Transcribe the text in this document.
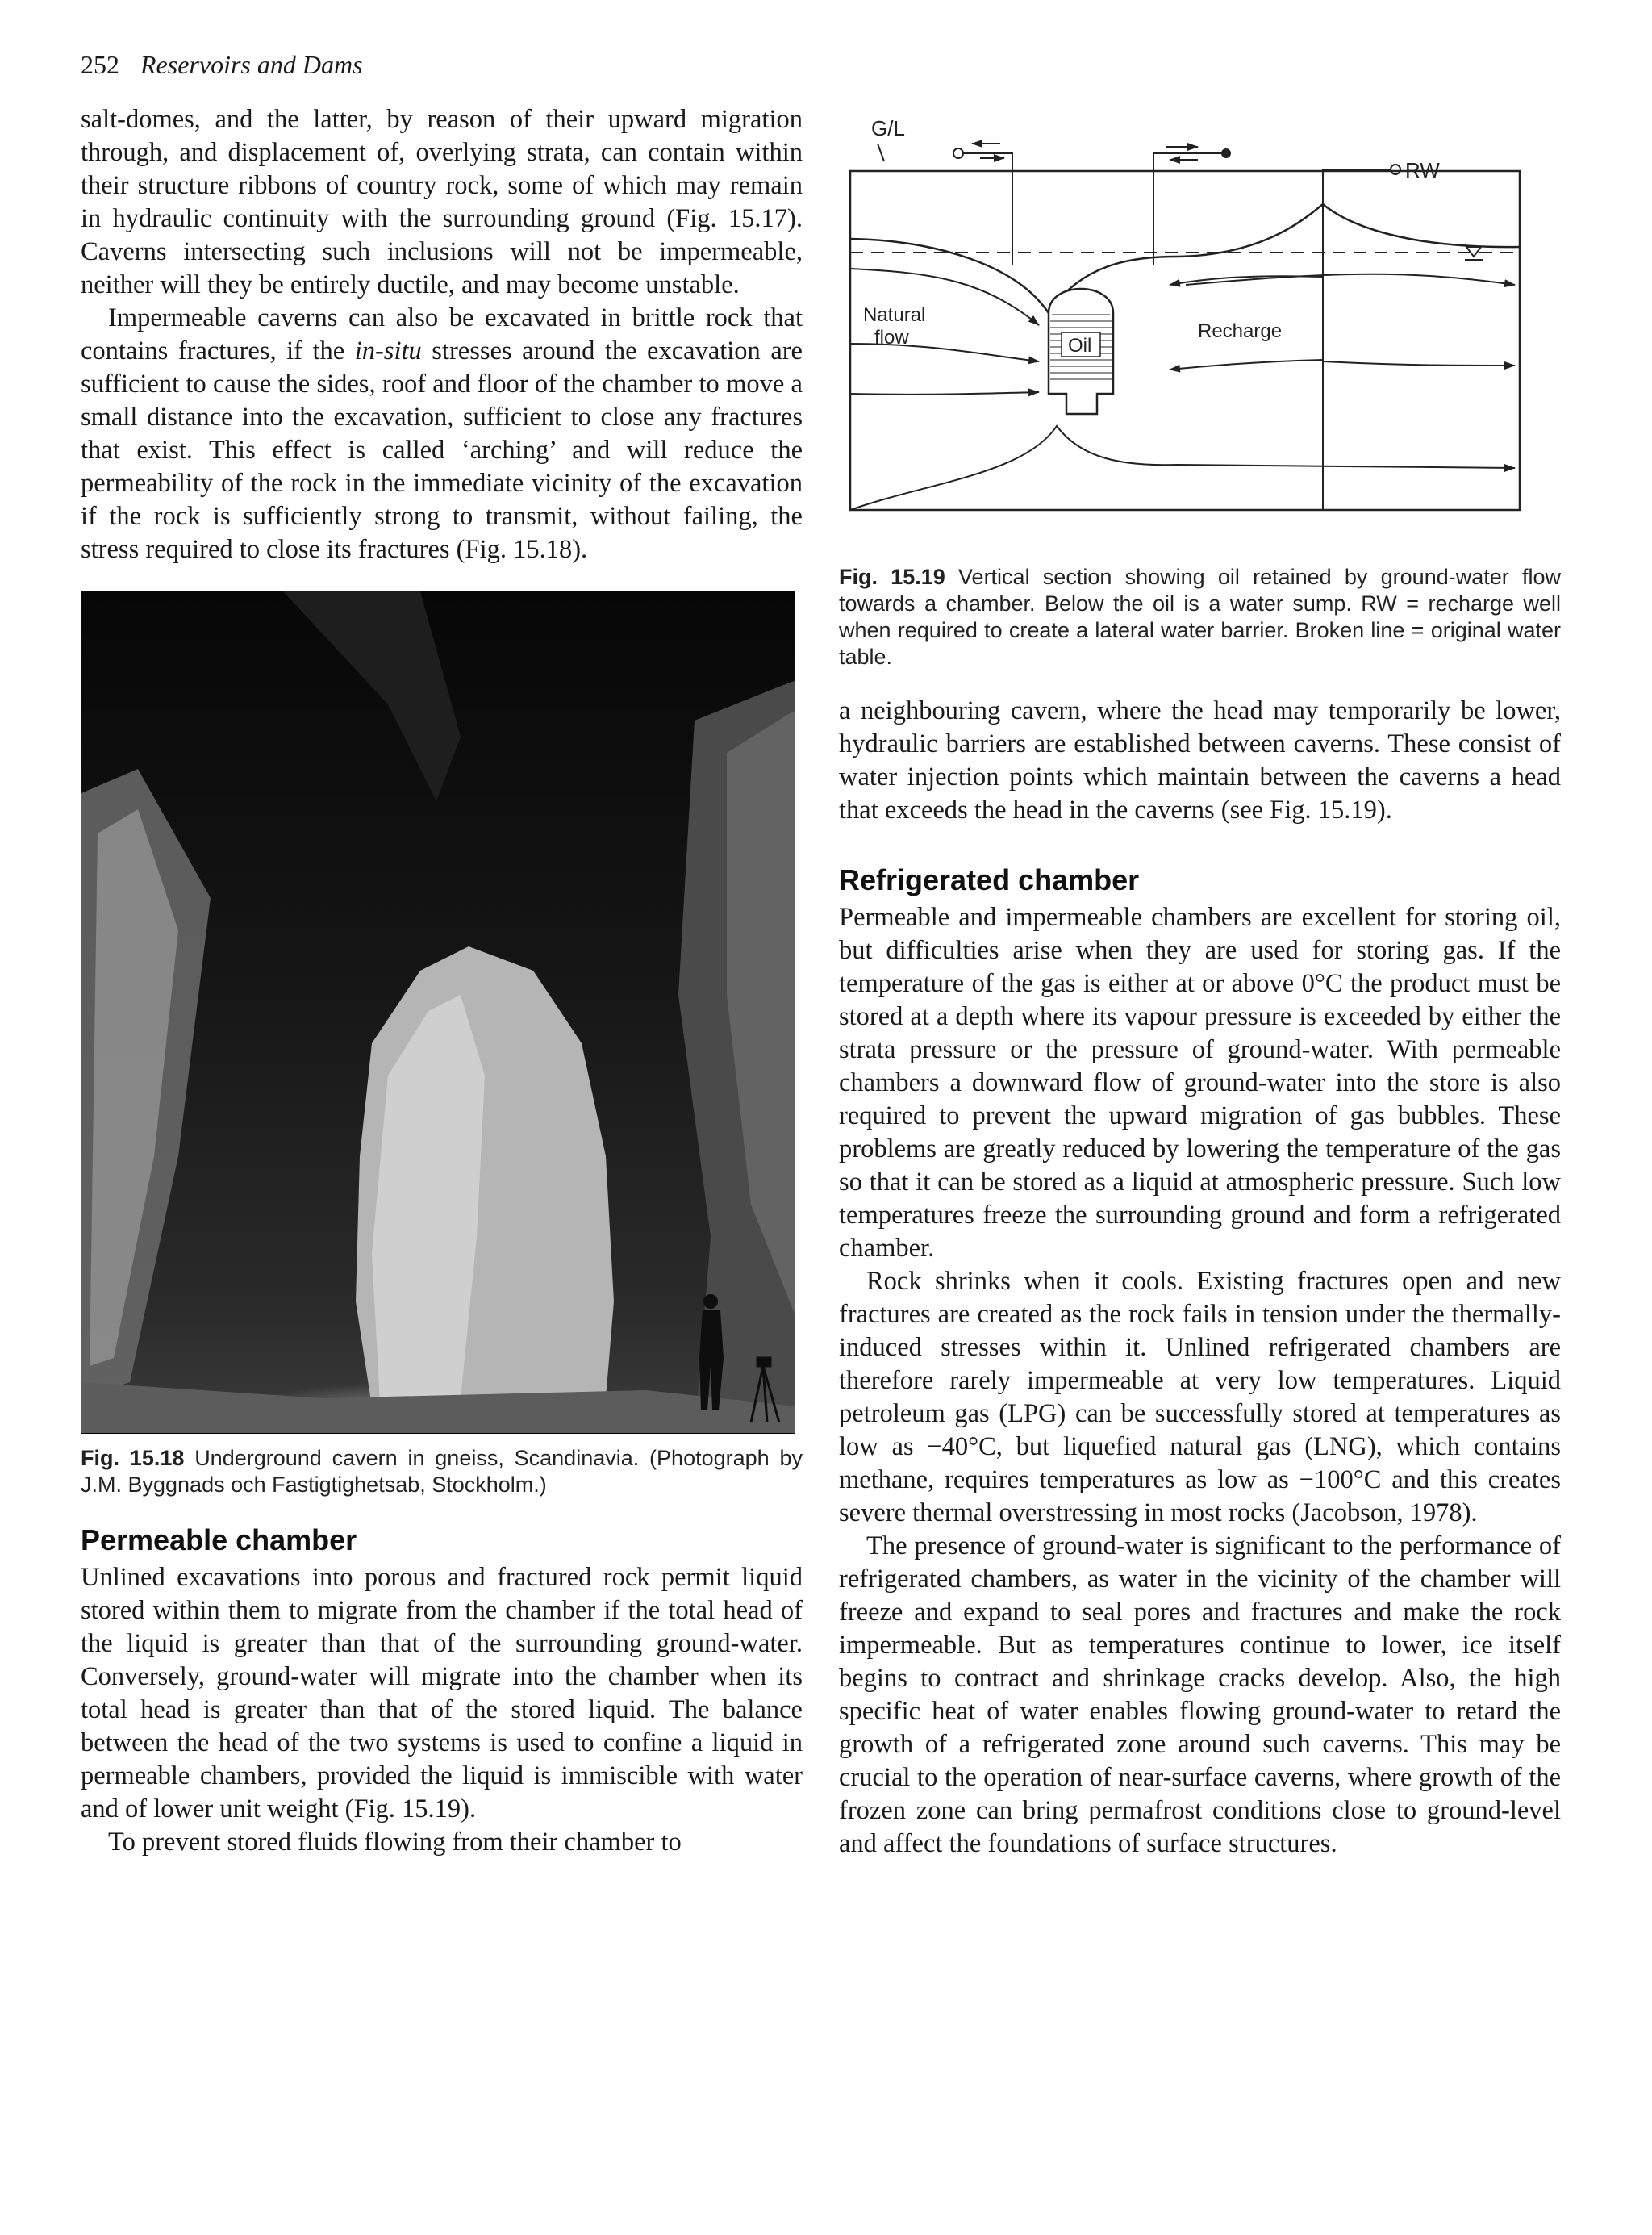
252 Reservoirs and Dams

salt-domes, and the latter, by reason of their upward migration through, and displacement of, overlying strata, can contain within their structure ribbons of country rock, some of which may remain in hydraulic continuity with the surrounding ground (Fig. 15.17). Caverns intersecting such inclusions will not be impermeable, neither will they be entirely ductile, and may become unstable.

Impermeable caverns can also be excavated in brittle rock that contains fractures, if the in-situ stresses around the excavation are sufficient to cause the sides, roof and floor of the chamber to move a small distance into the excavation, sufficient to close any fractures that exist. This effect is called ‘arching’ and will reduce the permeability of the rock in the immediate vicinity of the excavation if the rock is sufficiently strong to transmit, without failing, the stress required to close its fractures (Fig. 15.18).

Fig. 15.18 Underground cavern in gneiss, Scandinavia. (Photograph by J.M. Byggnads och Fastigtighetsab, Stockholm.)

Permeable chamber

Unlined excavations into porous and fractured rock permit liquid stored within them to migrate from the chamber if the total head of the liquid is greater than that of the surrounding ground-water. Conversely, ground-water will migrate into the chamber when its total head is greater than that of the stored liquid. The balance between the head of the two systems is used to confine a liquid in permeable chambers, provided the liquid is immiscible with water and of lower unit weight (Fig. 15.19).

To prevent stored fluids flowing from their chamber to

G/L
RW
Natural
flow	Oil
Recharge

Fig. 15.19 Vertical section showing oil retained by ground-water flow towards a chamber. Below the oil is a water sump. RW = recharge well when required to create a lateral water barrier. Broken line = original water table.

a neighbouring cavern, where the head may temporarily be lower, hydraulic barriers are established between caverns. These consist of water injection points which maintain between the caverns a head that exceeds the head in the caverns (see Fig. 15.19).

Refrigerated chamber

Permeable and impermeable chambers are excellent for storing oil, but difficulties arise when they are used for storing gas. If the temperature of the gas is either at or above 0°C the product must be stored at a depth where its vapour pressure is exceeded by either the strata pressure or the pressure of ground-water. With permeable chambers a downward flow of ground-water into the store is also required to prevent the upward migration of gas bubbles. These problems are greatly reduced by lowering the temperature of the gas so that it can be stored as a liquid at atmospheric pressure. Such low temperatures freeze the surrounding ground and form a refrigerated chamber.

Rock shrinks when it cools. Existing fractures open and new fractures are created as the rock fails in tension under the thermally-induced stresses within it. Unlined refrigerated chambers are therefore rarely impermeable at very low temperatures. Liquid petroleum gas (LPG) can be successfully stored at temperatures as low as −40°C, but liquefied natural gas (LNG), which contains methane, requires temperatures as low as −100°C and this creates severe thermal overstressing in most rocks (Jacobson, 1978).

The presence of ground-water is significant to the performance of refrigerated chambers, as water in the vicinity of the chamber will freeze and expand to seal pores and fractures and make the rock impermeable. But as temperatures continue to lower, ice itself begins to contract and shrinkage cracks develop. Also, the high specific heat of water enables flowing ground-water to retard the growth of a refrigerated zone around such caverns. This may be crucial to the operation of near-surface caverns, where growth of the frozen zone can bring permafrost conditions close to ground-level and affect the foundations of surface structures.
